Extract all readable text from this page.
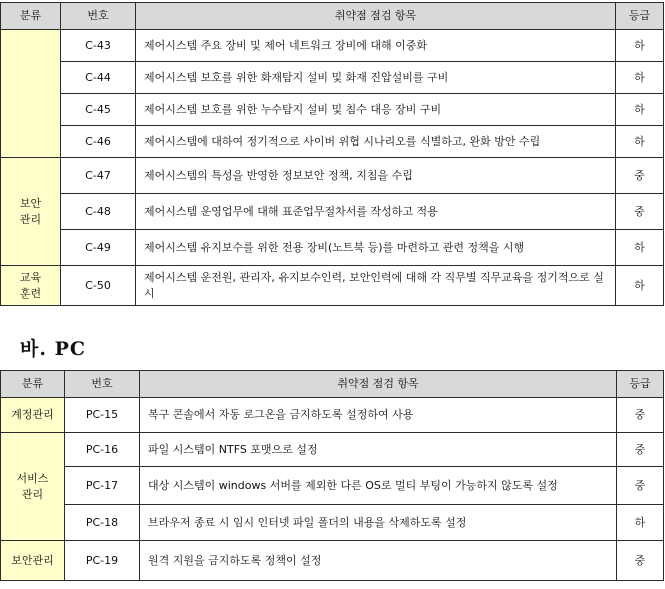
분류	번호	취약점 점검 항목	등급
	C-43	제어시스템 주요 장비 및 제어 네트워크 장비에 대해 이중화	하
	C-44	제어시스템 보호를 위한 화재탐지 설비 및 화재 진압설비를 구비	하
	C-45	제어시스템 보호를 위한 누수탐지 설비 및 침수 대응 장비 구비	하
	C-46	제어시스템에 대하여 정기적으로 사이버 위협 시나리오를 식별하고, 완화 방안 수립	하
보안
관리	C-47	제어시스템의 특성을 반영한 정보보안 정책, 지침을 수립	중
	C-48	제어시스템 운영업무에 대해 표준업무절차서를 작성하고 적용	중
	C-49	제어시스템 유지보수를 위한 전용 장비(노트북 등)를 마련하고 관련 정책을 시행	하
교육
훈련	C-50	제어시스템 운전원, 관리자, 유지보수인력, 보안인력에 대해 각 직무별 직무교육을 정기적으로 실시	하
바. PC
분류	번호	취약점 점검 항목	등급
계정관리	PC-15	복구 콘솔에서 자동 로그온을 금지하도록 설정하여 사용	중
서비스
관리	PC-16	파일 시스템이 NTFS 포맷으로 설정	중
	PC-17	대상 시스템이 windows 서버를 제외한 다른 OS로 멀티 부팅이 가능하지 않도록 설정	중
	PC-18	브라우저 종료 시 임시 인터넷 파일 폴더의 내용을 삭제하도록 설정	하
보안관리	PC-19	원격 지원을 금지하도록 정책이 설정	중
